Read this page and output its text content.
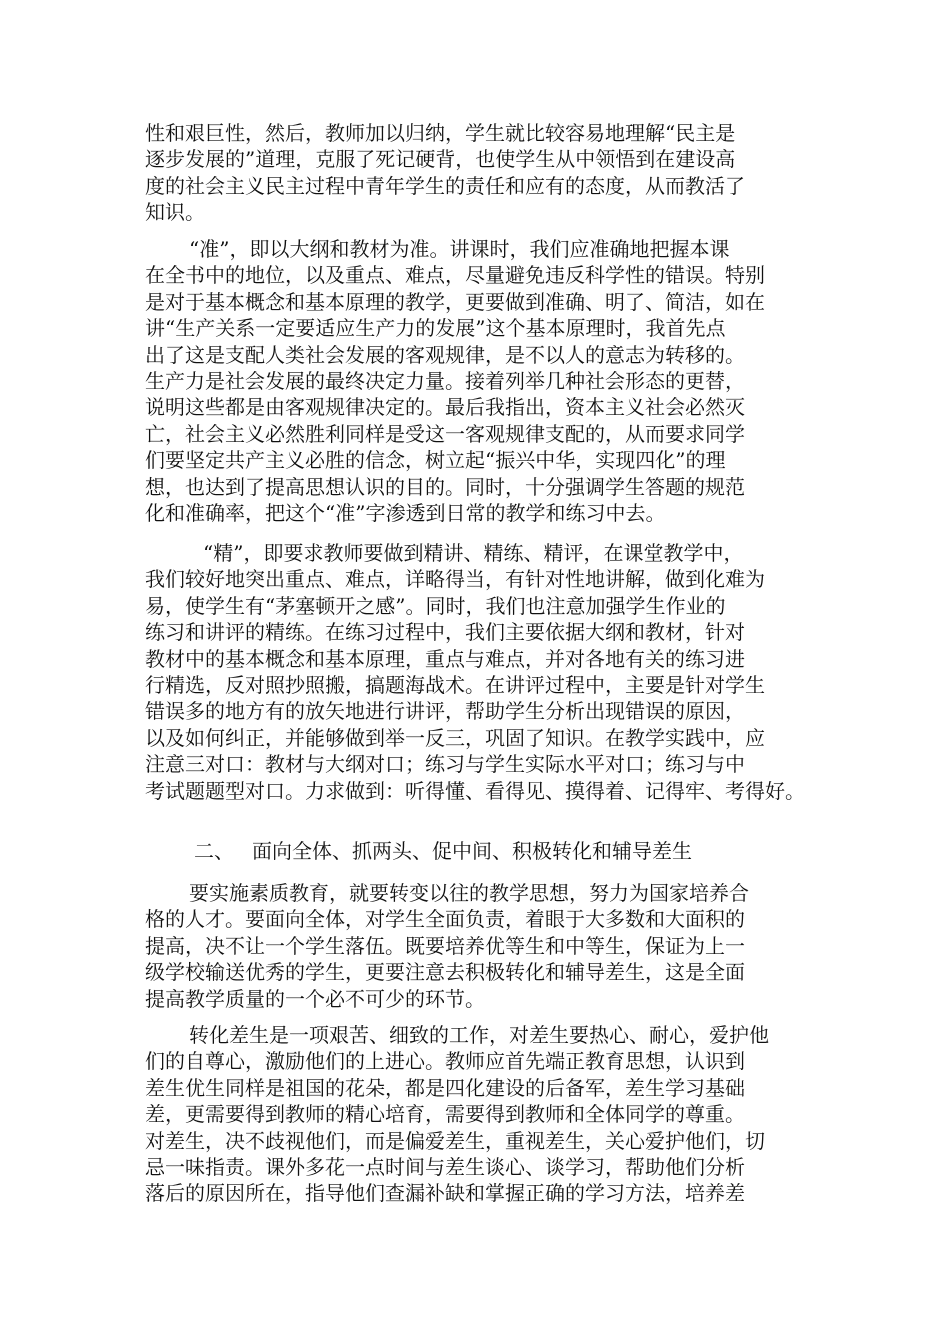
性和艰巨性，然后，教师加以归纳，学生就比较容易地理解“民主是
逐步发展的”道理，克服了死记硬背，也使学生从中领悟到在建设高
度的社会主义民主过程中青年学生的责任和应有的态度，从而教活了
知识。
“准”，即以大纲和教材为准。讲课时，我们应准确地把握本课
在全书中的地位，以及重点、难点，尽量避免违反科学性的错误。特别
是对于基本概念和基本原理的教学，更要做到准确、明了、简洁，如在
讲“生产关系一定要适应生产力的发展”这个基本原理时，我首先点
出了这是支配人类社会发展的客观规律，是不以人的意志为转移的。
生产力是社会发展的最终决定力量。接着列举几种社会形态的更替，
说明这些都是由客观规律决定的。最后我指出，资本主义社会必然灭
亡，社会主义必然胜利同样是受这一客观规律支配的，从而要求同学
们要坚定共产主义必胜的信念，树立起“振兴中华，实现四化”的理
想，也达到了提高思想认识的目的。同时，十分强调学生答题的规范
化和准确率，把这个“准”字渗透到日常的教学和练习中去。
“精”，即要求教师要做到精讲、精练、精评，在课堂教学中，
我们较好地突出重点、难点，详略得当，有针对性地讲解，做到化难为
易，使学生有“茅塞顿开之感”。同时，我们也注意加强学生作业的
练习和讲评的精练。在练习过程中，我们主要依据大纲和教材，针对
教材中的基本概念和基本原理，重点与难点，并对各地有关的练习进
行精选，反对照抄照搬，搞题海战术。在讲评过程中，主要是针对学生
错误多的地方有的放矢地进行讲评，帮助学生分析出现错误的原因，
以及如何纠正，并能够做到举一反三，巩固了知识。在教学实践中，应
注意三对口：教材与大纲对口；练习与学生实际水平对口；练习与中
考试题题型对口。力求做到：听得懂、看得见、摸得着、记得牢、考得好。
二、 面向全体、抓两头、促中间、积极转化和辅导差生
要实施素质教育，就要转变以往的教学思想，努力为国家培养合
格的人才。要面向全体，对学生全面负责，着眼于大多数和大面积的
提高，决不让一个学生落伍。既要培养优等生和中等生，保证为上一
级学校输送优秀的学生，更要注意去积极转化和辅导差生，这是全面
提高教学质量的一个必不可少的环节。
转化差生是一项艰苦、细致的工作，对差生要热心、耐心，爱护他
们的自尊心，激励他们的上进心。教师应首先端正教育思想，认识到
差生优生同样是祖国的花朵，都是四化建设的后备军，差生学习基础
差，更需要得到教师的精心培育，需要得到教师和全体同学的尊重。
对差生，决不歧视他们，而是偏爱差生，重视差生，关心爱护他们，切
忌一味指责。课外多花一点时间与差生谈心、谈学习，帮助他们分析
落后的原因所在，指导他们查漏补缺和掌握正确的学习方法，培养差
